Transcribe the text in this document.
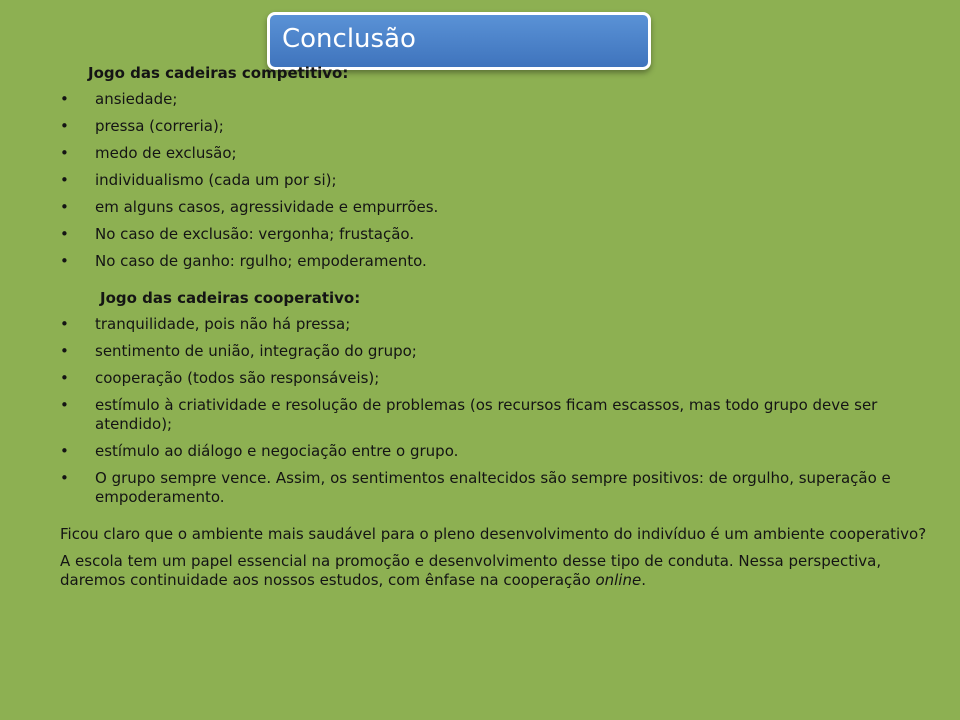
Conclusão
Jogo das cadeiras competitivo:
• ansiedade;
• pressa (correria);
• medo de exclusão;
• individualismo (cada um por si);
• em alguns casos, agressividade e empurrões.
• No caso de exclusão: vergonha; frustação.
• No caso de ganho: rgulho; empoderamento.
Jogo das cadeiras cooperativo:
• tranquilidade, pois não há pressa;
• sentimento de união, integração do grupo;
• cooperação (todos são responsáveis);
• estímulo à criatividade e resolução de problemas (os recursos ficam escassos, mas todo grupo deve ser atendido);
• estímulo ao diálogo e negociação entre o grupo.
• O grupo sempre vence. Assim, os sentimentos enaltecidos são sempre positivos: de orgulho, superação e empoderamento.

Ficou claro que o ambiente mais saudável para o pleno desenvolvimento do indivíduo é um ambiente cooperativo?

A escola tem um papel essencial na promoção e desenvolvimento desse tipo de conduta. Nessa perspectiva, daremos continuidade aos nossos estudos, com ênfase na cooperação online.
